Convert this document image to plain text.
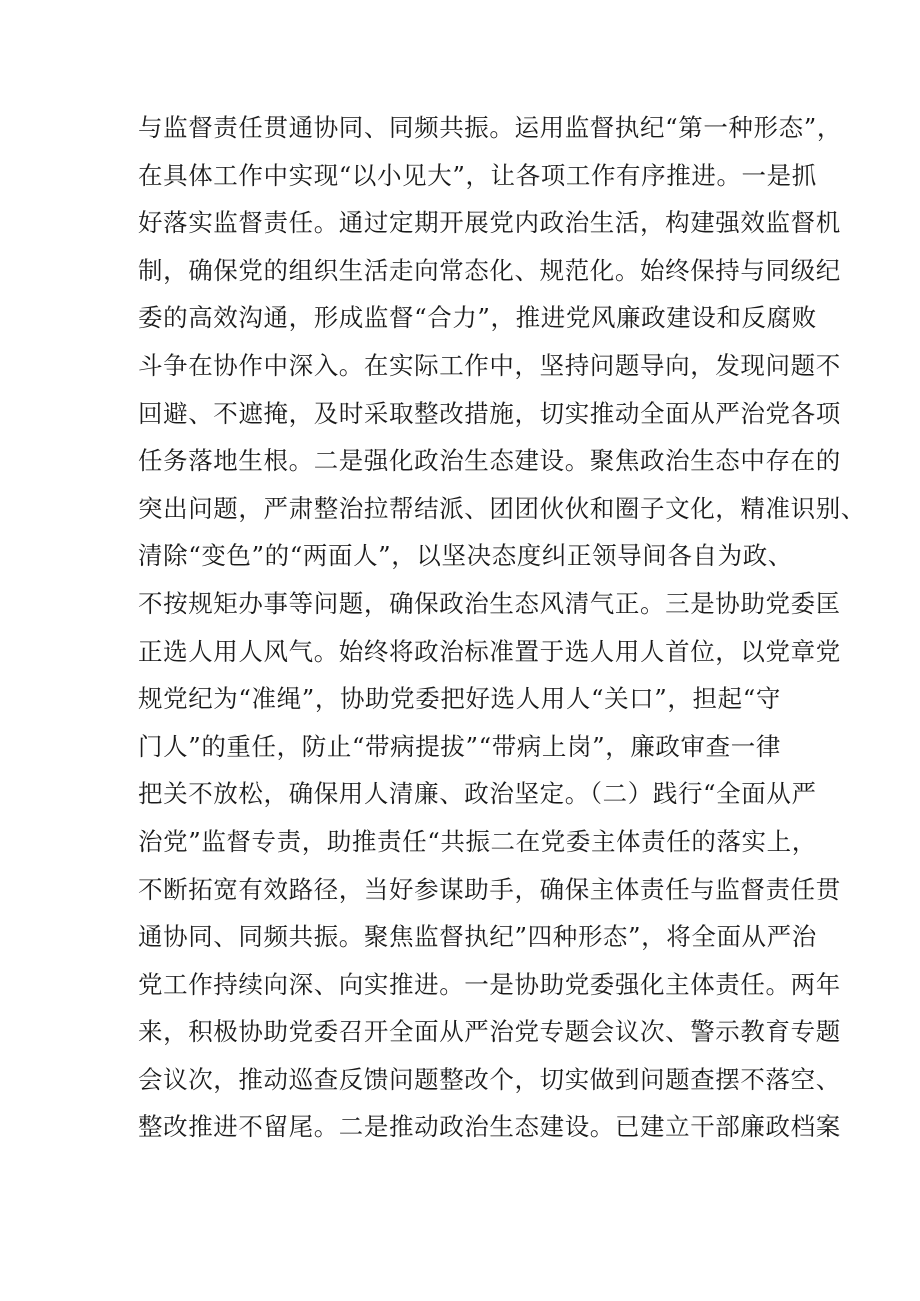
与监督责任贯通协同、同频共振。运用监督执纪“第一种形态”，
在具体工作中实现“以小见大”，让各项工作有序推进。一是抓
好落实监督责任。通过定期开展党内政治生活，构建强效监督机
制，确保党的组织生活走向常态化、规范化。始终保持与同级纪
委的高效沟通，形成监督“合力”，推进党风廉政建设和反腐败
斗争在协作中深入。在实际工作中，坚持问题导向，发现问题不
回避、不遮掩，及时采取整改措施，切实推动全面从严治党各项
任务落地生根。二是强化政治生态建设。聚焦政治生态中存在的
突出问题，严肃整治拉帮结派、团团伙伙和圈子文化，精准识别、
清除“变色”的“两面人”，以坚决态度纠正领导间各自为政、
不按规矩办事等问题，确保政治生态风清气正。三是协助党委匡
正选人用人风气。始终将政治标准置于选人用人首位，以党章党
规党纪为“准绳”，协助党委把好选人用人“关口”，担起“守
门人”的重任，防止“带病提拔”“带病上岗”，廉政审查一律
把关不放松，确保用人清廉、政治坚定。（二）践行“全面从严
治党”监督专责，助推责任“共振二在党委主体责任的落实上，
不断拓宽有效路径，当好参谋助手，确保主体责任与监督责任贯
通协同、同频共振。聚焦监督执纪”四种形态”，将全面从严治
党工作持续向深、向实推进。一是协助党委强化主体责任。两年
来，积极协助党委召开全面从严治党专题会议次、警示教育专题
会议次，推动巡查反馈问题整改个，切实做到问题查摆不落空、
整改推进不留尾。二是推动政治生态建设。已建立干部廉政档案
